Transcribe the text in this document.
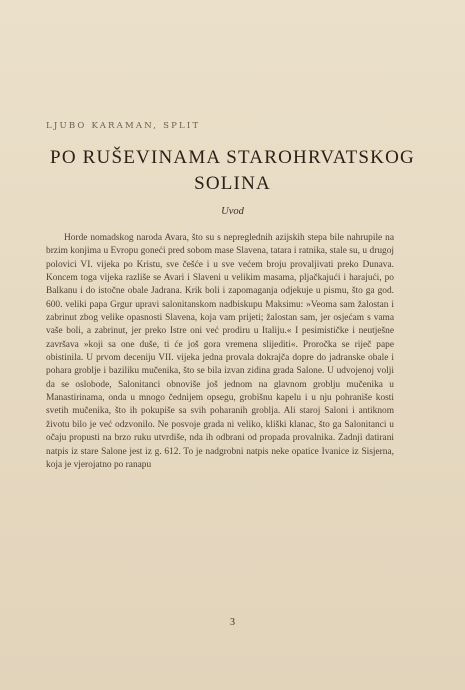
LJUBO KARAMAN, SPLIT
PO RUŠEVINAMA STAROHRVATSKOG
SOLINA
Uvod

Horde nomadskog naroda Avara, što su s nepreglednih azijskih stepa bile nahrupile na brzim konjima u Evropu goneći pred sobom mase Slavena, tatara i ratnika, stale su, u drugoj polovici VI. vijeka po Kristu, sve češće i u sve većem broju provaljivati preko Dunava. Koncem toga vijeka razliše se Avari i Slaveni u velikim masama, pljačkajući i harajući, po Balkanu i do istočne obale Jadrana. Krik boli i zapomaganja odjekuje u pismu, što ga god. 600. veliki papa Grgur upravi salonitanskom nadbiskupu Maksimu: »Veoma sam žalostan i zabrinut zbog velike opasnosti Slavena, koja vam prijeti; žalostan sam, jer osjećam s vama vaše boli, a zabrinut, jer preko Istre oni već prodiru u Italiju.« I pesimističke i neutješne završava »koji sa one duše, ti će još gora vremena slijediti«. Proročka se riječ pape obistinila. U prvom deceniju VII. vijeka jedna provala dokrajča dopre do jadranske obale i pohara groblje i baziliku mučenika, što se bila izvan zidina grada Salone. U udvojenoj volji da se oslobode, Salonitanci obnoviše još jednom na glavnom groblju mučenika u Manastirinama, onda u mnogo čednijem opsegu, grobišnu kapelu i u nju pohraniše kosti svetih mučenika, što ih pokupiše sa svih poharanih groblja. Ali staroj Saloni i antiknom životu bilo je već odzvonilo. Ne posvoje grada ni veliko, kliški klanac, što ga Salonitanci u očaju propusti na brzo ruku utvrdiše, nda ih odbrani od propada provalnika. Zadnji datirani natpis iz stare Salone jest iz g. 612. To je nadgrobni natpis neke opatice Ivanice iz Sisjerna, koja je vjerojatno po ranapu

3
